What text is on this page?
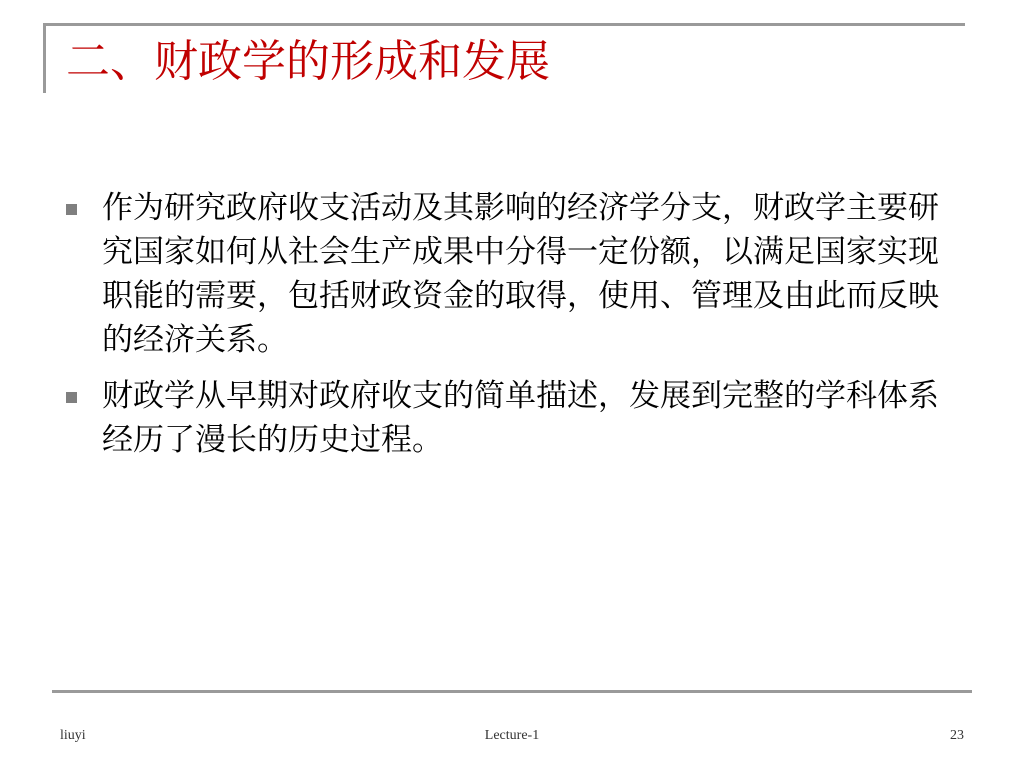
二、财政学的形成和发展
作为研究政府收支活动及其影响的经济学分支，财政学主要研究国家如何从社会生产成果中分得一定份额，以满足国家实现职能的需要，包括财政资金的取得，使用、管理及由此而反映的经济关系。
财政学从早期对政府收支的简单描述，发展到完整的学科体系经历了漫长的历史过程。
liuyi	Lecture-1	23
